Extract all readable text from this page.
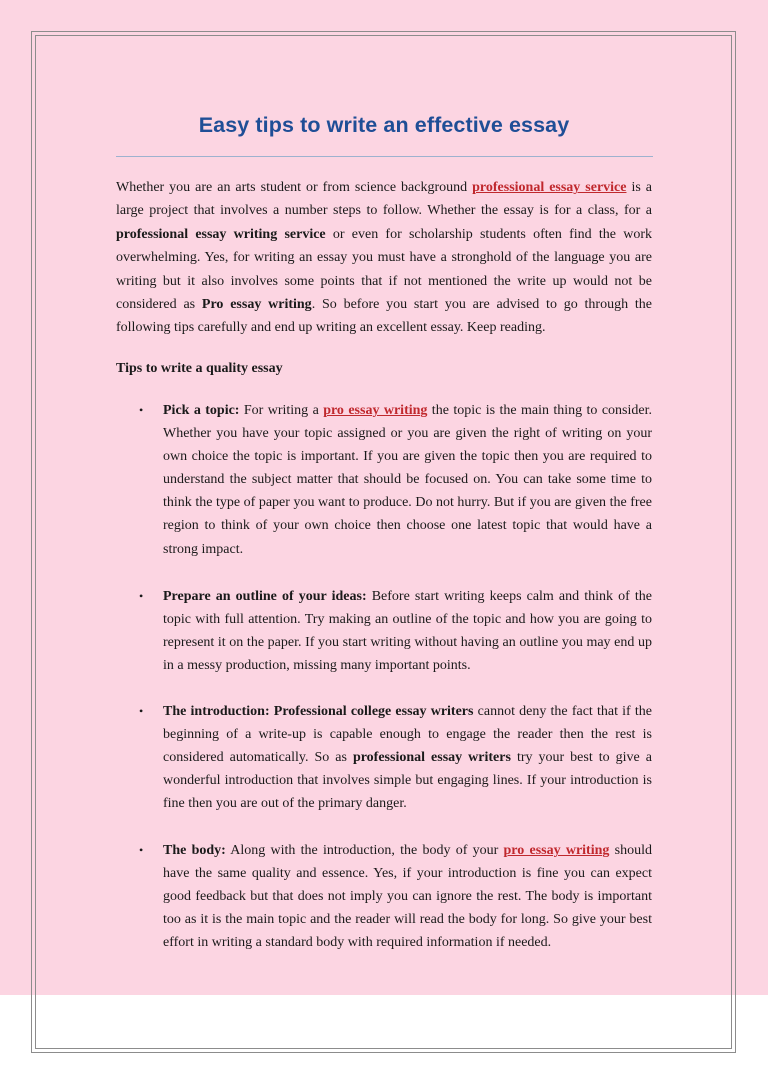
Easy tips to write an effective essay

Whether you are an arts student or from science background professional essay service is a large project that involves a number steps to follow. Whether the essay is for a class, for a professional essay writing service or even for scholarship students often find the work overwhelming. Yes, for writing an essay you must have a stronghold of the language you are writing but it also involves some points that if not mentioned the write up would not be considered as Pro essay writing. So before you start you are advised to go through the following tips carefully and end up writing an excellent essay. Keep reading.

Tips to write a quality essay

• Pick a topic: For writing a pro essay writing the topic is the main thing to consider. Whether you have your topic assigned or you are given the right of writing on your own choice the topic is important. If you are given the topic then you are required to understand the subject matter that should be focused on. You can take some time to think the type of paper you want to produce. Do not hurry. But if you are given the free region to think of your own choice then choose one latest topic that would have a strong impact.

• Prepare an outline of your ideas: Before start writing keeps calm and think of the topic with full attention. Try making an outline of the topic and how you are going to represent it on the paper. If you start writing without having an outline you may end up in a messy production, missing many important points.

• The introduction: Professional college essay writers cannot deny the fact that if the beginning of a write-up is capable enough to engage the reader then the rest is considered automatically. So as professional essay writers try your best to give a wonderful introduction that involves simple but engaging lines. If your introduction is fine then you are out of the primary danger.

• The body: Along with the introduction, the body of your pro essay writing should have the same quality and essence. Yes, if your introduction is fine you can expect good feedback but that does not imply you can ignore the rest. The body is important too as it is the main topic and the reader will read the body for long. So give your best effort in writing a standard body with required information if needed.
